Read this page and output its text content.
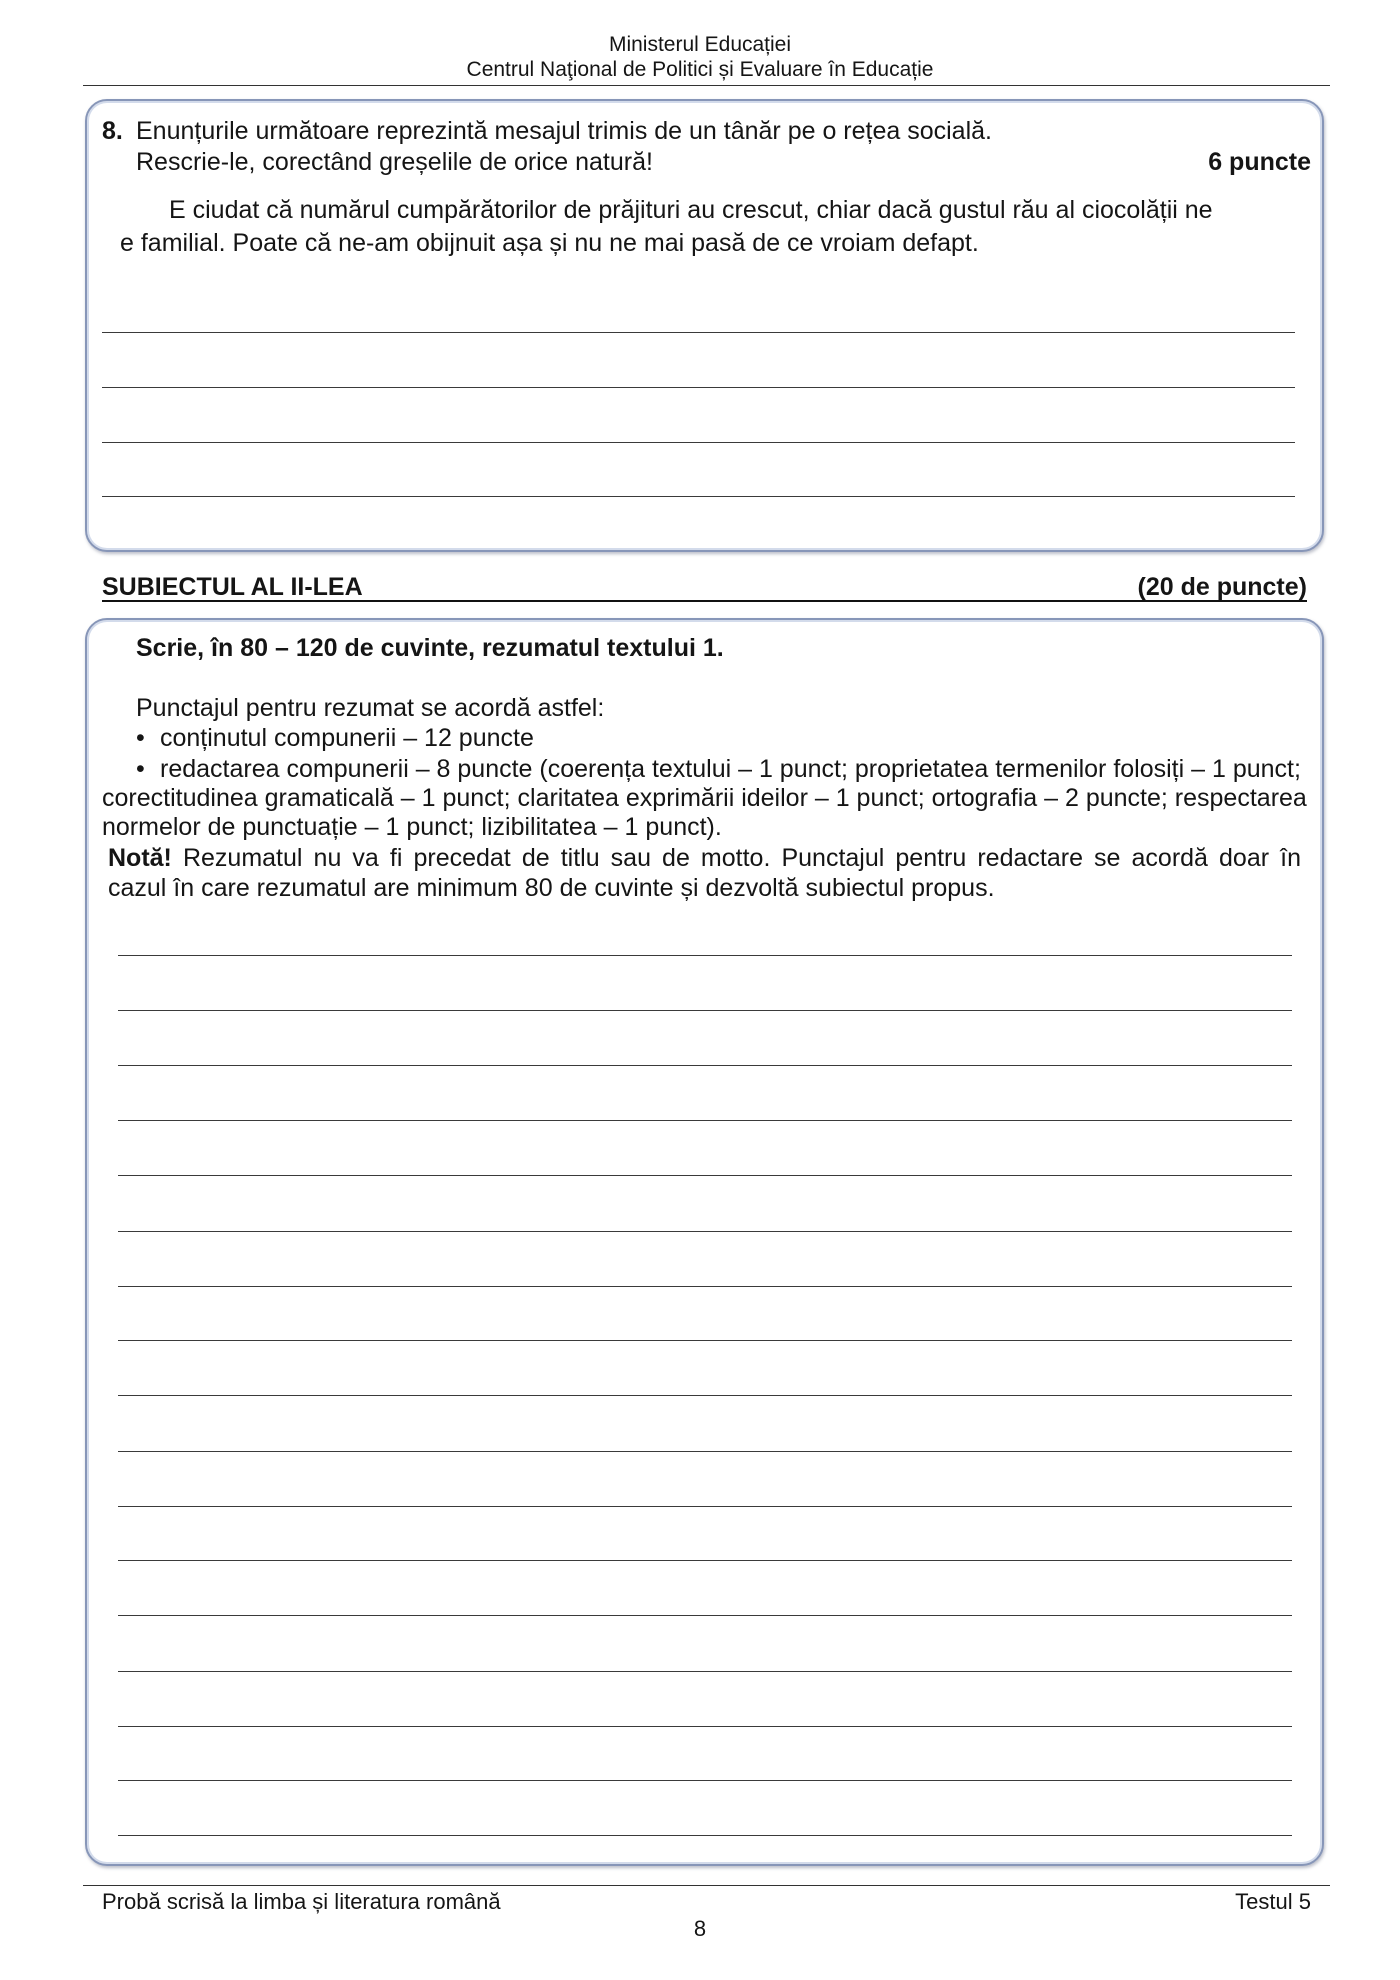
Ministerul Educației
Centrul Naţional de Politici și Evaluare în Educație
8. Enunțurile următoare reprezintă mesajul trimis de un tânăr pe o rețea socială.
Rescrie-le, corectând greșelile de orice natură!	6 puncte
E ciudat că numărul cumpărătorilor de prăjituri au crescut, chiar dacă gustul rău al ciocolății ne
e familial. Poate că ne-am obijnuit așa și nu ne mai pasă de ce vroiam defapt.
SUBIECTUL AL II-LEA	(20 de puncte)
Scrie, în 80 – 120 de cuvinte, rezumatul textului 1.
Punctajul pentru rezumat se acordă astfel:
•
conținutul compunerii – 12 puncte
•
redactarea compunerii – 8 puncte (coerența textului – 1 punct; proprietatea termenilor folosiți – 1 punct;
corectitudinea gramaticală – 1 punct; claritatea exprimării ideilor – 1 punct; ortografia – 2 puncte; respectarea
normelor de punctuație – 1 punct; lizibilitatea – 1 punct).
Notă! Rezumatul nu va fi precedat de titlu sau de motto. Punctajul pentru redactare se acordă doar în
cazul în care rezumatul are minimum 80 de cuvinte și dezvoltă subiectul propus.
Probă scrisă la limba și literatura română	Testul 5
8
